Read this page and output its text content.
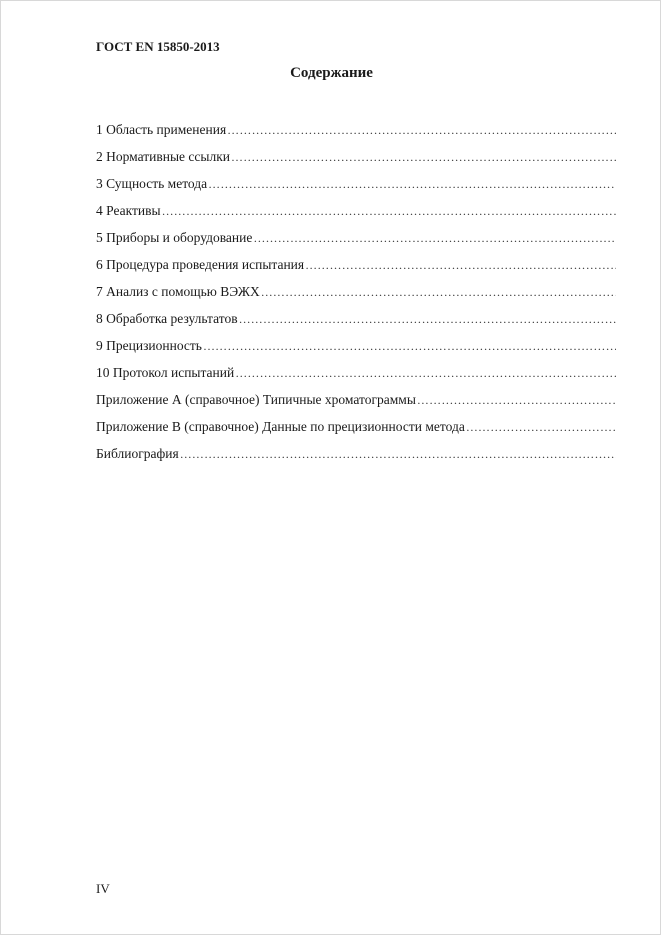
ГОСТ EN 15850-2013
Содержание
1 Область применения
……………………………………………………………………………………………………………………………………………………
2 Нормативные ссылки
……………………………………………………………………………………………………………………………………………………
3 Сущность метода
……………………………………………………………………………………………………………………………………………………
4 Реактивы
……………………………………………………………………………………………………………………………………………………
5 Приборы и оборудование
……………………………………………………………………………………………………………………………………………………
6 Процедура проведения испытания
……………………………………………………………………………………………………………………………………………………
7 Анализ с помощью ВЭЖХ
……………………………………………………………………………………………………………………………………………………
8 Обработка результатов
……………………………………………………………………………………………………………………………………………………
9 Прецизионность
……………………………………………………………………………………………………………………………………………………
10 Протокол испытаний
……………………………………………………………………………………………………………………………………………………
Приложение А (справочное) Типичные хроматограммы
……………………………………………………………………………………………………………………………………………………
Приложение В (справочное) Данные по прецизионности метода
……………………………………………………………………………………………………………………………………………………
Библиография
……………………………………………………………………………………………………………………………………………………
IV
